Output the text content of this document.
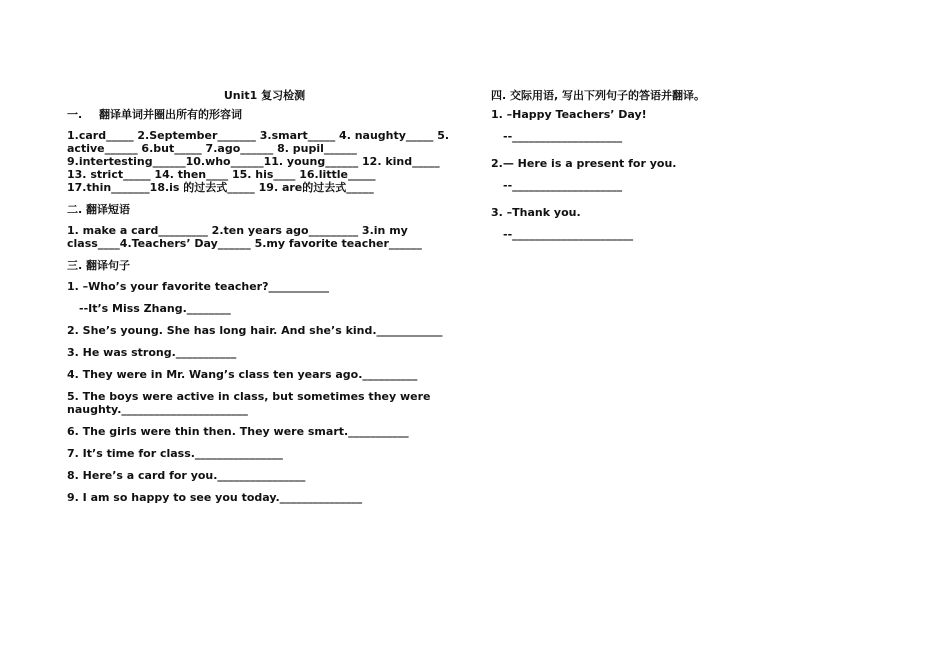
Unit1 复习检测
一. 翻译单词并圈出所有的形容词
1.card_____ 2.September_______ 3.smart_____ 4. naughty_____ 5.
active______ 6.but_____ 7.ago______ 8. pupil______
9.intertesting______10.who______11. young______ 12. kind_____
13. strict_____ 14. then____ 15. his____ 16.little_____
17.thin_______18.is 的过去式_____ 19. are的过去式_____
二. 翻译短语
1. make a card_________ 2.ten years ago_________ 3.in my
class____4.Teachers’ Day______ 5.my favorite teacher______
三. 翻译句子
1. –Who’s your favorite teacher?___________
--It’s Miss Zhang.________
2. She’s young. She has long hair. And she’s kind.____________
3. He was strong.___________
4. They were in Mr. Wang’s class ten years ago.__________
5. The boys were active in class, but sometimes they were
naughty._______________________
6. The girls were thin then. They were smart.___________
7. It’s time for class.________________
8. Here’s a card for you.________________
9. I am so happy to see you today._______________
四. 交际用语, 写出下列句子的答语并翻译。
1. –Happy Teachers’ Day!
--____________________
2.— Here is a present for you.
--____________________
3. –Thank you.
--______________________
